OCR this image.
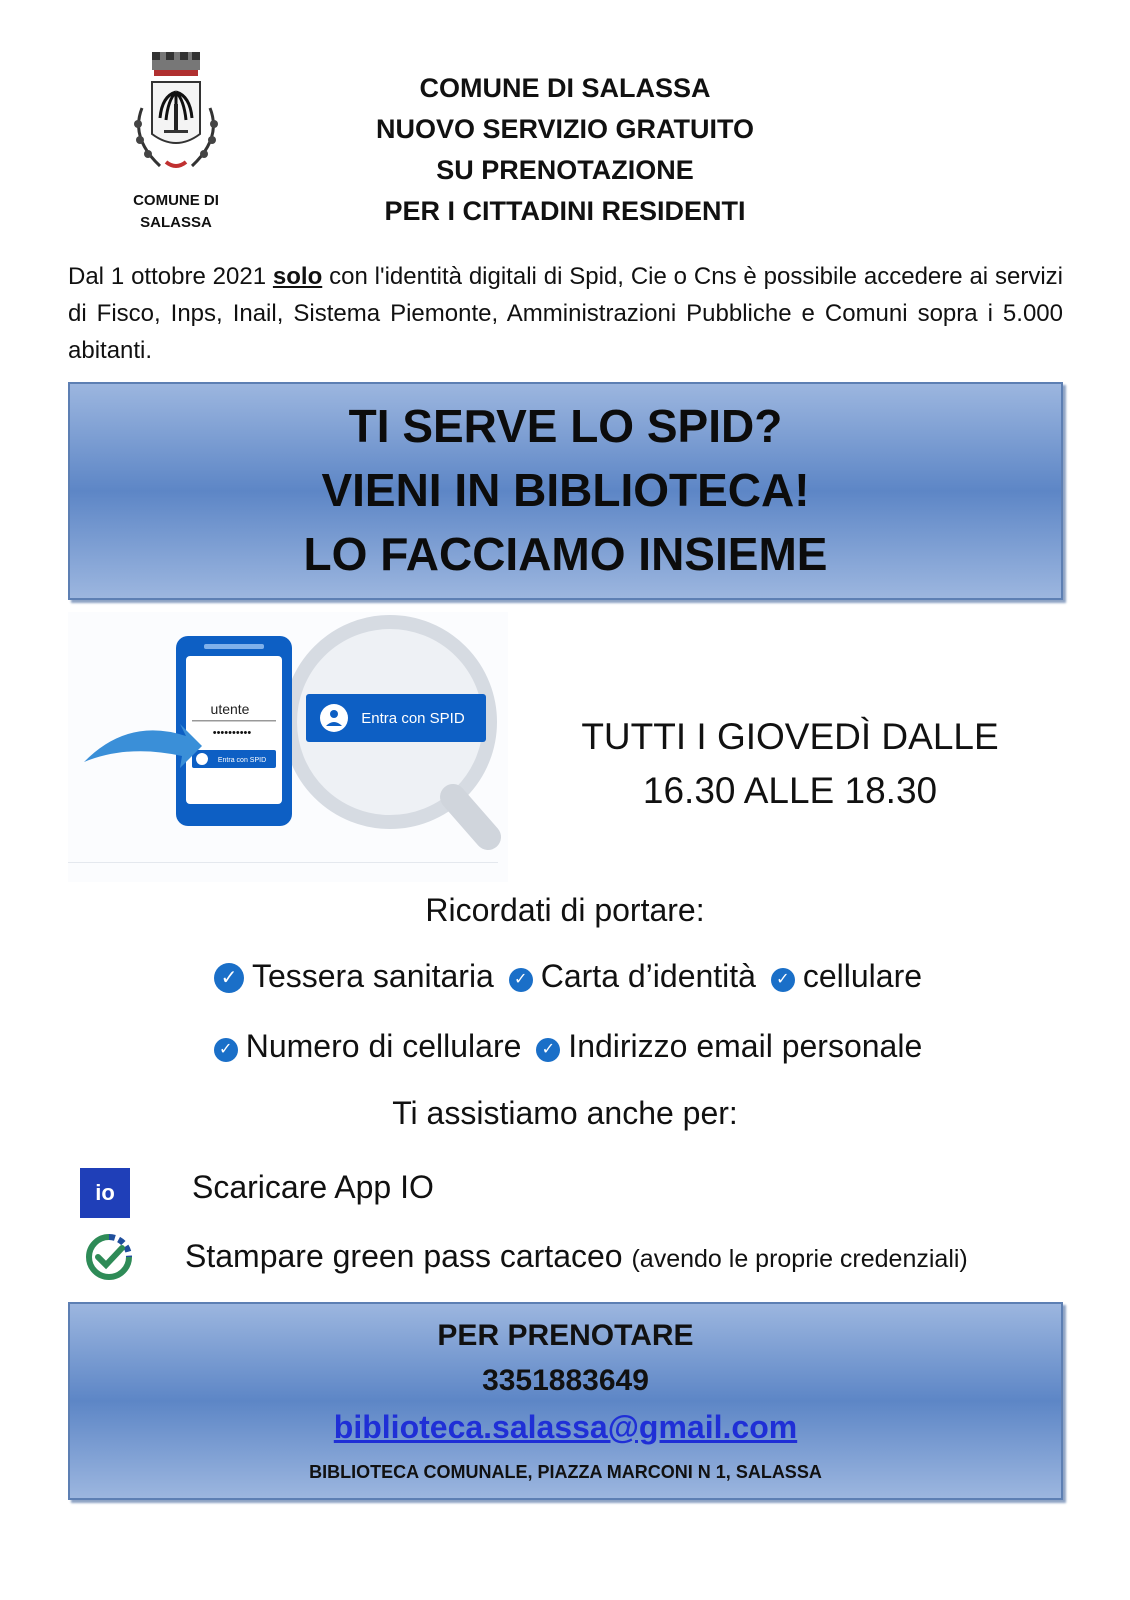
COMUNE DI
SALASSA
COMUNE DI SALASSA
NUOVO SERVIZIO GRATUITO
SU PRENOTAZIONE
PER I CITTADINI RESIDENTI
Dal 1 ottobre 2021 solo con l'identità digitali di Spid, Cie o Cns è possibile accedere ai servizi di Fisco, Inps, Inail, Sistema Piemonte, Amministrazioni Pubbliche e Comuni sopra i 5.000 abitanti.
TI SERVE LO SPID?
VIENI IN BIBLIOTECA!
LO FACCIAMO INSIEME
utente
••••••••••
Entra con SPID
Entra con SPID	TUTTI I GIOVEDÌ DALLE
16.30 ALLE 18.30
Ricordati di portare:
✓ Tessera sanitaria ✓ Carta d’identità ✓ cellulare
✓ Numero di cellulare ✓ Indirizzo email personale
Ti assistiamo anche per:
io	Scaricare App IO
Stampare green pass cartaceo (avendo le proprie credenziali)
PER PRENOTARE
3351883649
biblioteca.salassa@gmail.com
BIBLIOTECA COMUNALE, PIAZZA MARCONI N 1, SALASSA
